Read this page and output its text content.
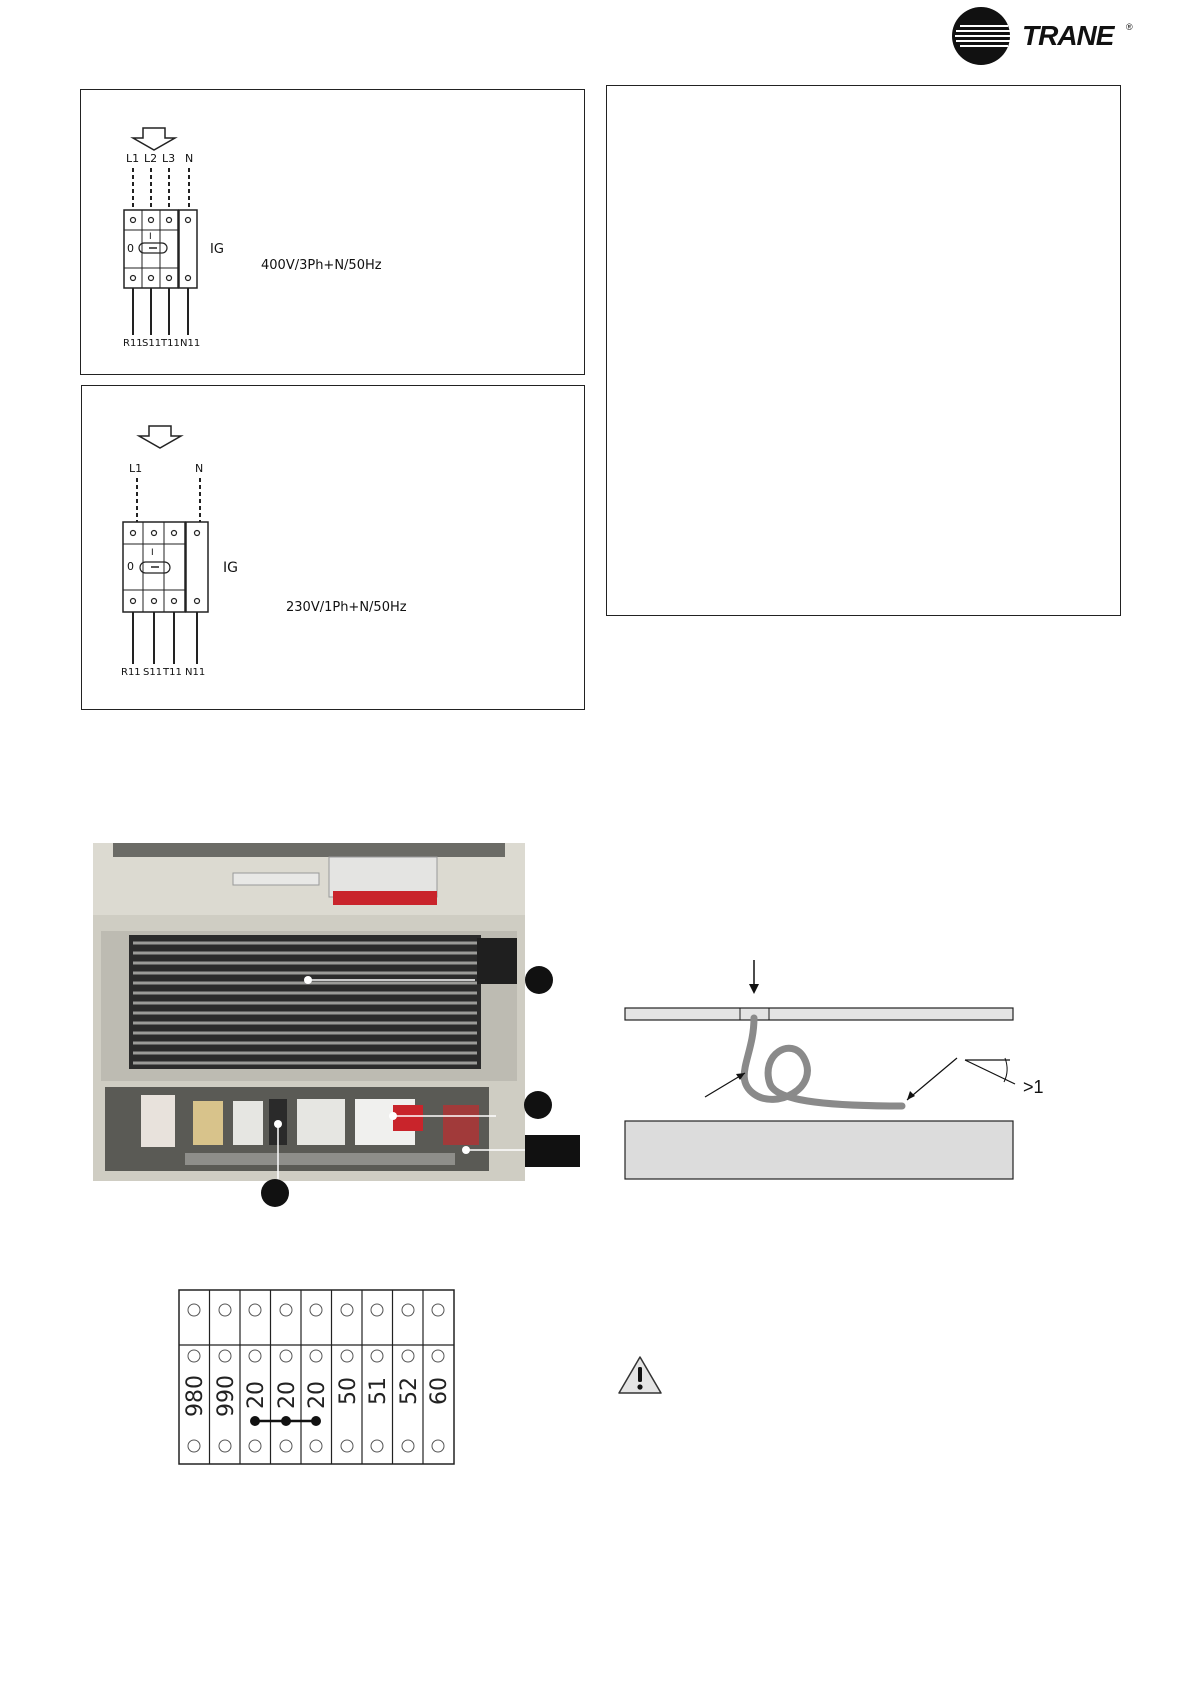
TRANE ®
L1 L2 L3 N
0
I
IG
400V/3Ph+N/50Hz
R11 S11 T11 N11
L1	N
0
I
IG
230V/1Ph+N/50Hz
R11 S11 T11 N11
>1
980 990 20 20 20 50 51 52 60
